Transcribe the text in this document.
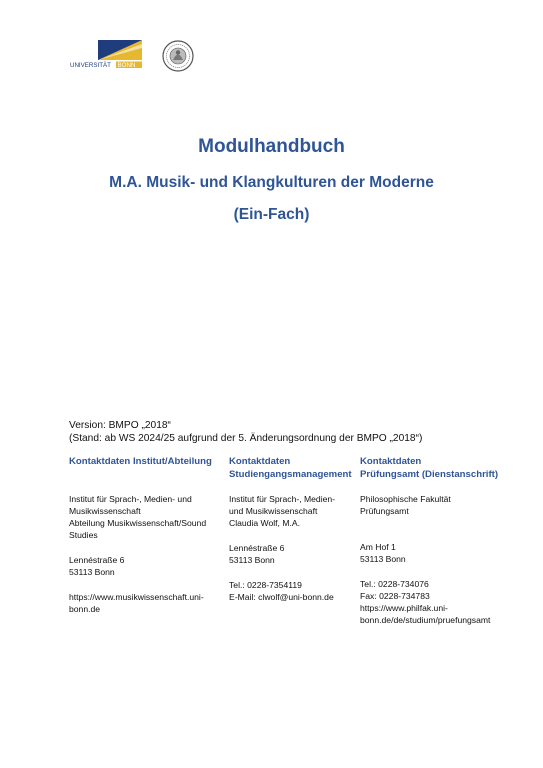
UNIVERSITÄT BONN
Modulhandbuch
M.A. Musik- und Klangkulturen der Moderne
(Ein-Fach)
Version: BMPO „2018“
(Stand: ab WS 2024/25 aufgrund der 5. Änderungsordnung der BMPO „2018“)
Kontaktdaten Institut/Abteilung
Institut für Sprach-, Medien- und
Musikwissenschaft
Abteilung Musikwissenschaft/Sound
Studies
Lennéstraße 6
53113 Bonn
https://www.musikwissenschaft.uni-
bonn.de
Kontaktdaten
Studiengangsmanagement
Institut für Sprach-, Medien-
und Musikwissenschaft
Claudia Wolf, M.A.
Lennéstraße 6
53113 Bonn
Tel.: 0228-7354119
E-Mail: clwolf@uni-bonn.de
Kontaktdaten
Prüfungsamt (Dienstanschrift)
Philosophische Fakultät
Prüfungsamt
Am Hof 1
53113 Bonn
Tel.: 0228-734076
Fax: 0228-734783
https://www.philfak.uni-
bonn.de/de/studium/pruefungsamt
